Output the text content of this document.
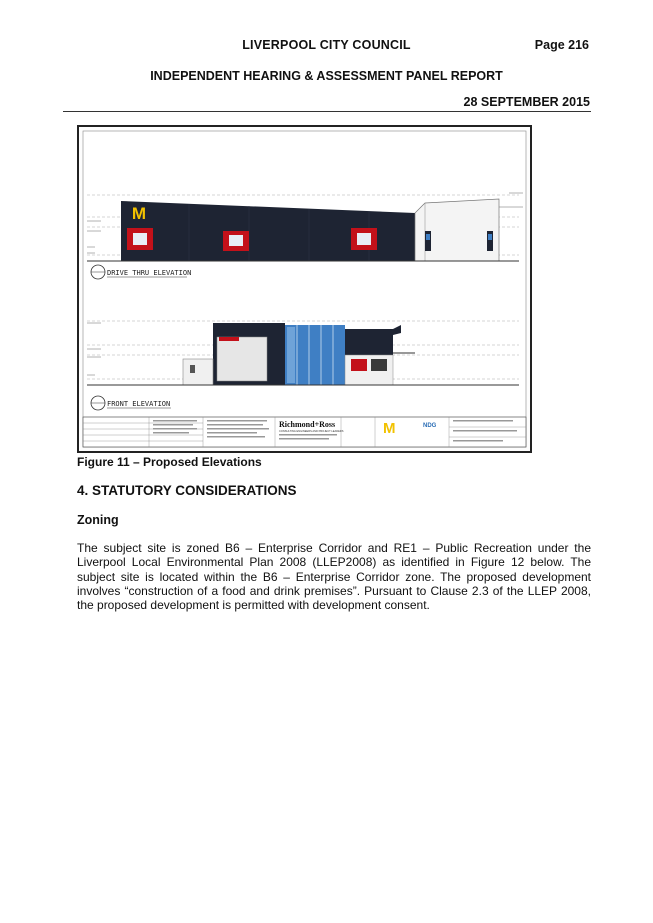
LIVERPOOL CITY COUNCIL	Page 216
INDEPENDENT HEARING & ASSESSMENT PANEL REPORT
28 SEPTEMBER 2015
M
DRIVE THRU ELEVATION
FRONT ELEVATION
Richmond+Ross
CONSULTING ENGINEERS AND PROJECT LEADERS	M	NDG
Figure 11 – Proposed Elevations
4. STATUTORY CONSIDERATIONS
Zoning
The subject site is zoned B6 – Enterprise Corridor and RE1 – Public Recreation under the Liverpool Local Environmental Plan 2008 (LLEP2008) as identified in Figure 12 below. The subject site is located within the B6 – Enterprise Corridor zone. The proposed development involves “construction of a food and drink premises”. Pursuant to Clause 2.3 of the LLEP 2008, the proposed development is permitted with development consent.
